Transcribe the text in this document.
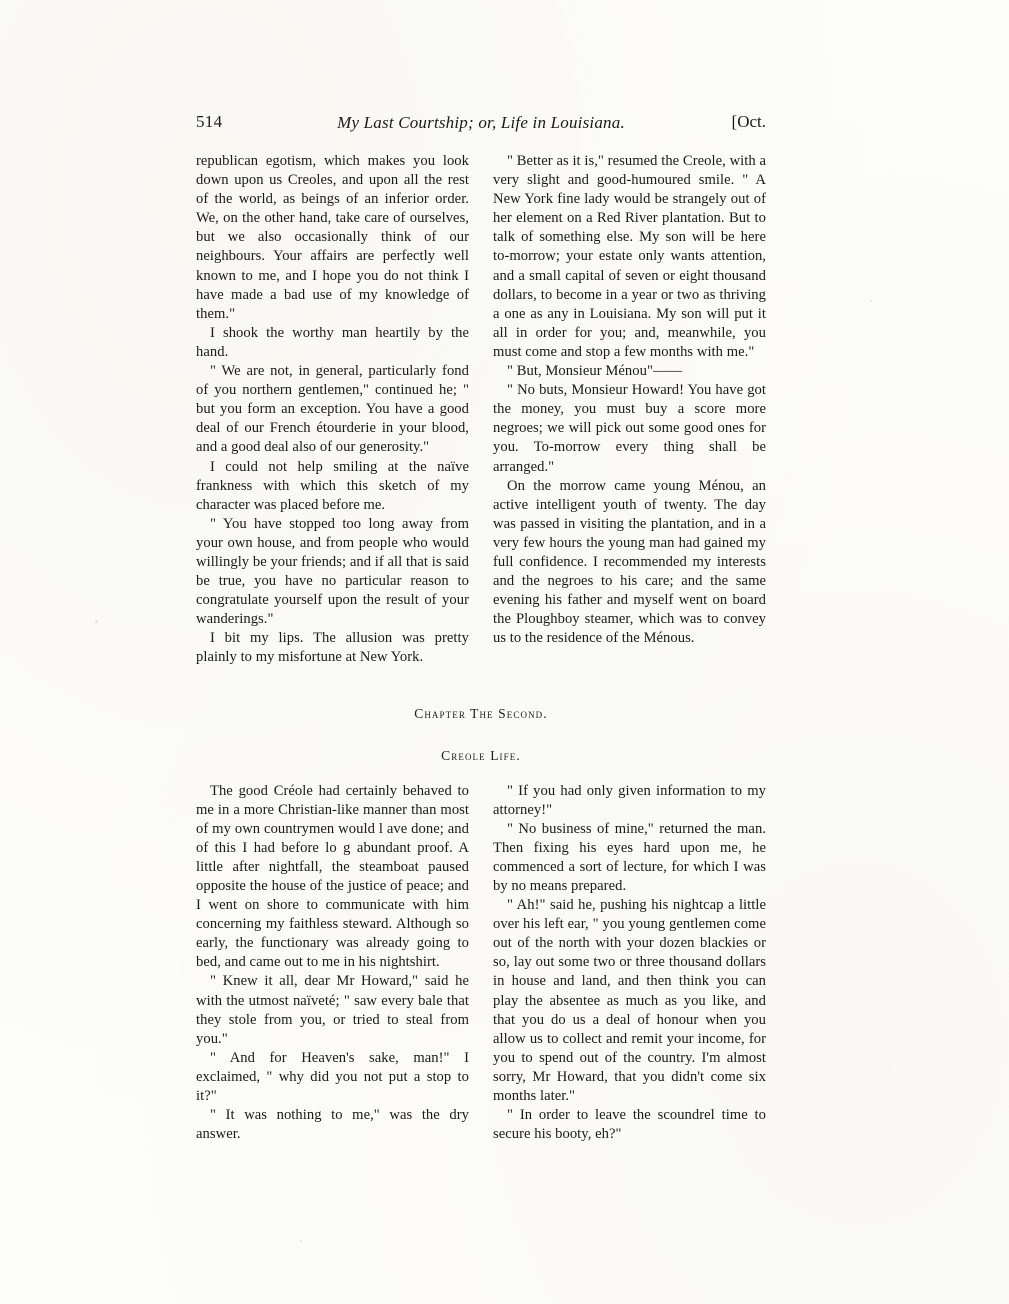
514	My Last Courtship; or, Life in Louisiana.	[Oct.

republican egotism, which makes you look down upon us Creoles, and upon all the rest of the world, as beings of an inferior order. We, on the other hand, take care of ourselves, but we also occasionally think of our neighbours. Your affairs are perfectly well known to me, and I hope you do not think I have made a bad use of my knowledge of them."

I shook the worthy man heartily by the hand.

" We are not, in general, particularly fond of you northern gentlemen," continued he; " but you form an exception. You have a good deal of our French étourderie in your blood, and a good deal also of our generosity."

I could not help smiling at the naïve frankness with which this sketch of my character was placed before me.

" You have stopped too long away from your own house, and from people who would willingly be your friends; and if all that is said be true, you have no particular reason to congratulate yourself upon the result of your wanderings."

I bit my lips. The allusion was pretty plainly to my misfortune at New York.

" Better as it is," resumed the Creole, with a very slight and good-humoured smile. " A New York fine lady would be strangely out of her element on a Red River plantation. But to talk of something else. My son will be here to-morrow; your estate only wants attention, and a small capital of seven or eight thousand dollars, to become in a year or two as thriving a one as any in Louisiana. My son will put it all in order for you; and, meanwhile, you must come and stop a few months with me."

" But, Monsieur Ménou"——

" No buts, Monsieur Howard! You have got the money, you must buy a score more negroes; we will pick out some good ones for you. To-morrow every thing shall be arranged."

On the morrow came young Ménou, an active intelligent youth of twenty. The day was passed in visiting the plantation, and in a very few hours the young man had gained my full confidence. I recommended my interests and the negroes to his care; and the same evening his father and myself went on board the Ploughboy steamer, which was to convey us to the residence of the Ménous.

Chapter The Second.
Creole Life.

The good Créole had certainly behaved to me in a more Christian-like manner than most of my own countrymen would l ave done; and of this I had before lo g abundant proof. A little after nightfall, the steamboat paused opposite the house of the justice of peace; and I went on shore to communicate with him concerning my faithless steward. Although so early, the functionary was already going to bed, and came out to me in his nightshirt.

" Knew it all, dear Mr Howard," said he with the utmost naïveté; " saw every bale that they stole from you, or tried to steal from you."

" And for Heaven's sake, man!" I exclaimed, " why did you not put a stop to it?"

" It was nothing to me," was the dry answer.

" If you had only given information to my attorney!"

" No business of mine," returned the man. Then fixing his eyes hard upon me, he commenced a sort of lecture, for which I was by no means prepared.

" Ah!" said he, pushing his nightcap a little over his left ear, " you young gentlemen come out of the north with your dozen blackies or so, lay out some two or three thousand dollars in house and land, and then think you can play the absentee as much as you like, and that you do us a deal of honour when you allow us to collect and remit your income, for you to spend out of the country. I'm almost sorry, Mr Howard, that you didn't come six months later."

" In order to leave the scoundrel time to secure his booty, eh?"
